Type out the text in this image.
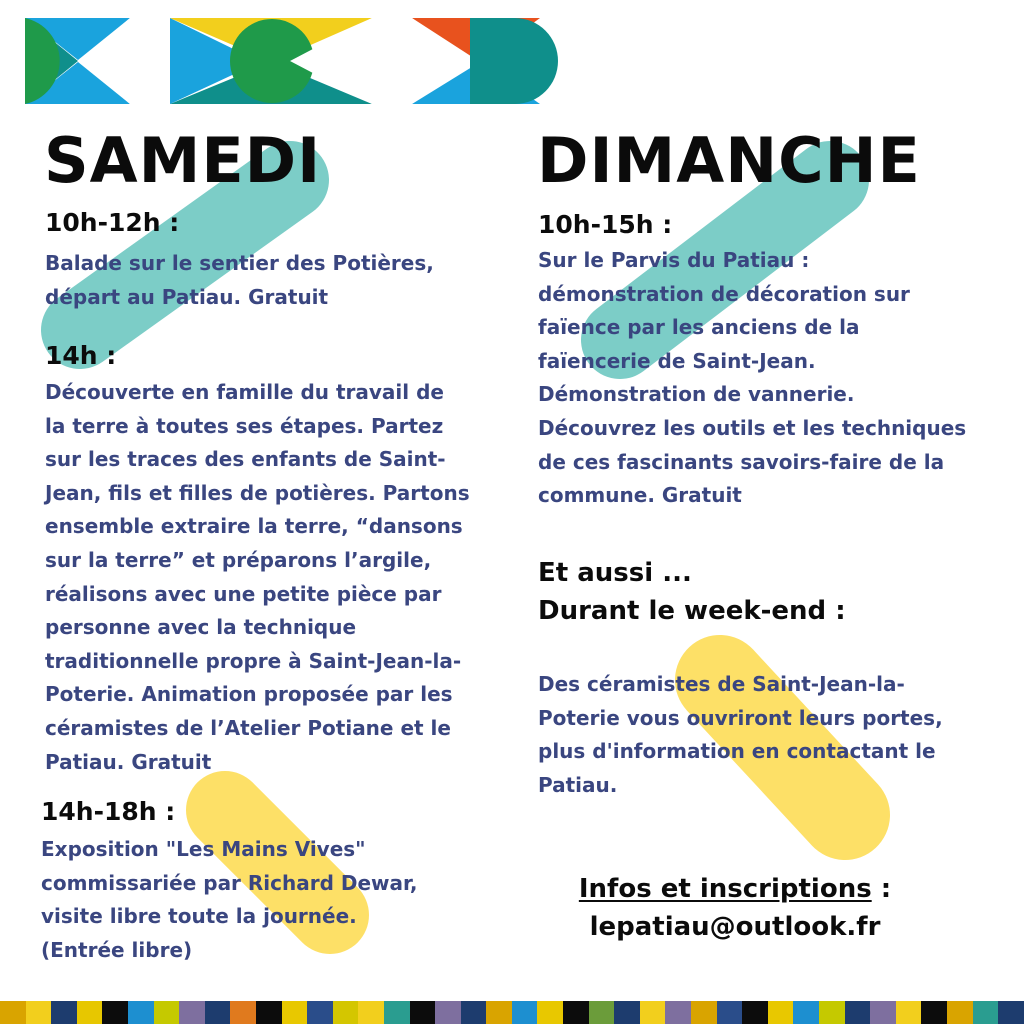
SAMEDI
10h-12h :
Balade sur le sentier des Potières,
départ au Patiau. Gratuit
14h :
Découverte en famille du travail de
la terre à toutes ses étapes. Partez
sur les traces des enfants de Saint-
Jean, fils et filles de potières. Partons
ensemble extraire la terre, “dansons
sur la terre” et préparons l’argile,
réalisons avec une petite pièce par
personne avec la technique
traditionnelle propre à Saint-Jean-la-
Poterie. Animation proposée par les
céramistes de l’Atelier Potiane et le
Patiau. Gratuit
14h-18h :
Exposition "Les Mains Vives"
commissariée par Richard Dewar,
visite libre toute la journée.
(Entrée libre)
DIMANCHE
10h-15h :
Sur le Parvis du Patiau :
démonstration de décoration sur
faïence par les anciens de la
faïencerie de Saint-Jean.
Démonstration de vannerie.
Découvrez les outils et les techniques
de ces fascinants savoirs-faire de la
commune. Gratuit
Et aussi ...
Durant le week-end :
Des céramistes de Saint-Jean-la-
Poterie vous ouvriront leurs portes,
plus d'information en contactant le
Patiau.
Infos et inscriptions :
lepatiau@outlook.fr
